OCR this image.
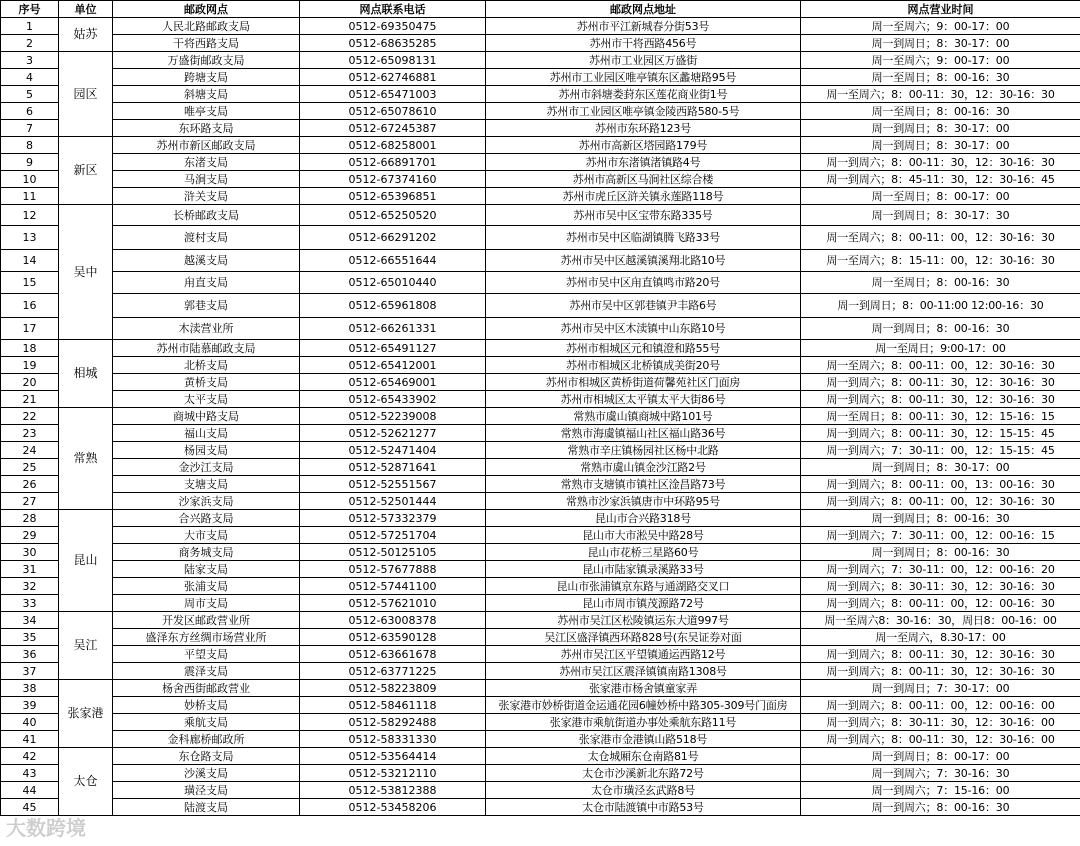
序号	单位	邮政网点	网点联系电话	邮政网点地址	网点营业时间
1	姑苏	人民北路邮政支局	0512-69350475	苏州市平江新城春分街53号	周一至周六；9：00-17：00
2		干将西路支局	0512-68635285	苏州市干将西路456号	周一到周日；8：30-17：00
3	园区	万盛街邮政支局	0512-65098131	苏州市工业园区万盛街	周一至周六；9：00-17：00
4		跨塘支局	0512-62746881	苏州市工业园区唯亭镇东区蠡塘路95号	周一至周日；8：00-16：30
5		斜塘支局	0512-65471003	苏州市斜塘娄葑东区莲花商业街1号	周一至周六；8：00-11：30，12：30-16：30
6		唯亭支局	0512-65078610	苏州市工业园区唯亭镇金陵西路580-5号	周一至周日；8：00-16：30
7		东环路支局	0512-67245387	苏州市东环路123号	周一到周日；8：30-17：00
8	新区	苏州市新区邮政支局	0512-68258001	苏州市高新区塔园路179号	周一到周日；8：30-17：00
9		东渚支局	0512-66891701	苏州市东渚镇渚镇路4号	周一到周六；8：00-11：30，12：30-16：30
10		马涧支局	0512-67374160	苏州市高新区马涧社区综合楼	周一到周六；8：45-11：30，12：30-16：45
11		浒关支局	0512-65396851	苏州市虎丘区浒关镇永莲路118号	周一至周日；8：00-17：00
12	吴中	长桥邮政支局	0512-65250520	苏州市吴中区宝带东路335号	周一到周日；8：30-17：30
13		渡村支局	0512-66291202	苏州市吴中区临湖镇腾飞路33号	周一至周六；8：00-11：00，12：30-16：30
14		越溪支局	0512-66551644	苏州市吴中区越溪镇溪翔北路10号	周一至周六；8：15-11：00，12：30-16：30
15		甪直支局	0512-65010440	苏州市吴中区甪直镇鸣市路20号	周一至周日；8：00-16：30
16		郭巷支局	0512-65961808	苏州市吴中区郭巷镇尹丰路6号	周一到周日；8：00-11:00 12:00-16：30
17		木渎营业所	0512-66261331	苏州市吴中区木渎镇中山东路10号	周一到周日；8：00-16：30
18	相城	苏州市陆慕邮政支局	0512-65491127	苏州市相城区元和镇澄和路55号	周一至周日；9:00-17：00
19		北桥支局	0512-65412001	苏州市相城区北桥镇成美街20号	周一至周六；8：00-11：00，12：30-16：30
20		黄桥支局	0512-65469001	苏州市相城区黄桥街道荷馨苑社区门面房	周一到周六；8：00-11：30，12：30-16：30
21		太平支局	0512-65433902	苏州市相城区太平镇太平大街86号	周一到周六；8：00-11：30，12：30-16：30
22	常熟	商城中路支局	0512-52239008	常熟市虞山镇商城中路101号	周一至周日；8：00-11：30，12：15-16：15
23		福山支局	0512-52621277	常熟市海虞镇福山社区福山路36号	周一到周六；8：00-11：30，12：15-15：45
24		杨园支局	0512-52471404	常熟市辛庄镇杨园社区杨中北路	周一到周六；7：30-11：00，12：15-15：45
25		金沙江支局	0512-52871641	常熟市虞山镇金沙江路2号	周一到周日；8：30-17：00
26		支塘支局	0512-52551567	常熟市支塘镇市镇社区淦昌路73号	周一到周六；8：00-11：00，13：00-16：30
27		沙家浜支局	0512-52501444	常熟市沙家浜镇唐市中环路95号	周一到周六；8：00-11：00，12：30-16：30
28	昆山	合兴路支局	0512-57332379	昆山市合兴路318号	周一到周日；8：00-16：30
29		大市支局	0512-57251704	昆山市大市淞吴中路28号	周一到周六；7：30-11：00，12：00-16：15
30		商务城支局	0512-50125105	昆山市花桥三星路60号	周一到周日；8：00-16：30
31		陆家支局	0512-57677888	昆山市陆家镇录溪路33号	周一到周六；7：30-11：00，12：00-16：20
32		张浦支局	0512-57441100	昆山市张浦镇京东路与通湖路交叉口	周一到周六；8：30-11：30，12：30-16：30
33		周市支局	0512-57621010	昆山市周市镇茂源路72号	周一到周六；8：00-11：00，12：00-16：30
34	吴江	开发区邮政营业所	0512-63008378	苏州市吴江区松陵镇运东大道997号	周一至周六8：30-16：30，周日8：00-16：00
35		盛泽东方丝绸市场营业所	0512-63590128	吴江区盛泽镇西环路828号(东吴证券对面	周一至周六，8.30-17：00
36		平望支局	0512-63661678	苏州市吴江区平望镇通运西路12号	周一到周六；8：00-11：30，12：30-16：30
37		震泽支局	0512-63771225	苏州市吴江区震泽镇镇南路1308号	周一到周六；8：00-11：30，12：30-16：30
38	张家港	杨舍西街邮政营业	0512-58223809	张家港市杨舍镇童家弄	周一到周日；7：30-17：00
39		妙桥支局	0512-58461118	张家港市妙桥街道金运通花园6幢妙桥中路305-309号门面房	周一到周六；8：00-11：00，12：00-16：00
40		乘航支局	0512-58292488	张家港市乘航街道办事处乘航东路11号	周一到周六；8：30-11：30，12：30-16：00
41		金科廊桥邮政所	0512-58331330	张家港市金港镇山路518号	周一到周六；8：00-11：30，12：30-16：00
42	太仓	东仓路支局	0512-53564414	太仓城厢东仓南路81号	周一到周日；8：00-17：00
43		沙溪支局	0512-53212110	太仓市沙溪新北东路72号	周一到周六；7：30-16：30
44		璜泾支局	0512-53812388	太仓市璜泾玄武路8号	周一到周六；7：15-16：00
45		陆渡支局	0512-53458206	太仓市陆渡镇中市路53号	周一到周六；8：00-16：30
大数跨境
